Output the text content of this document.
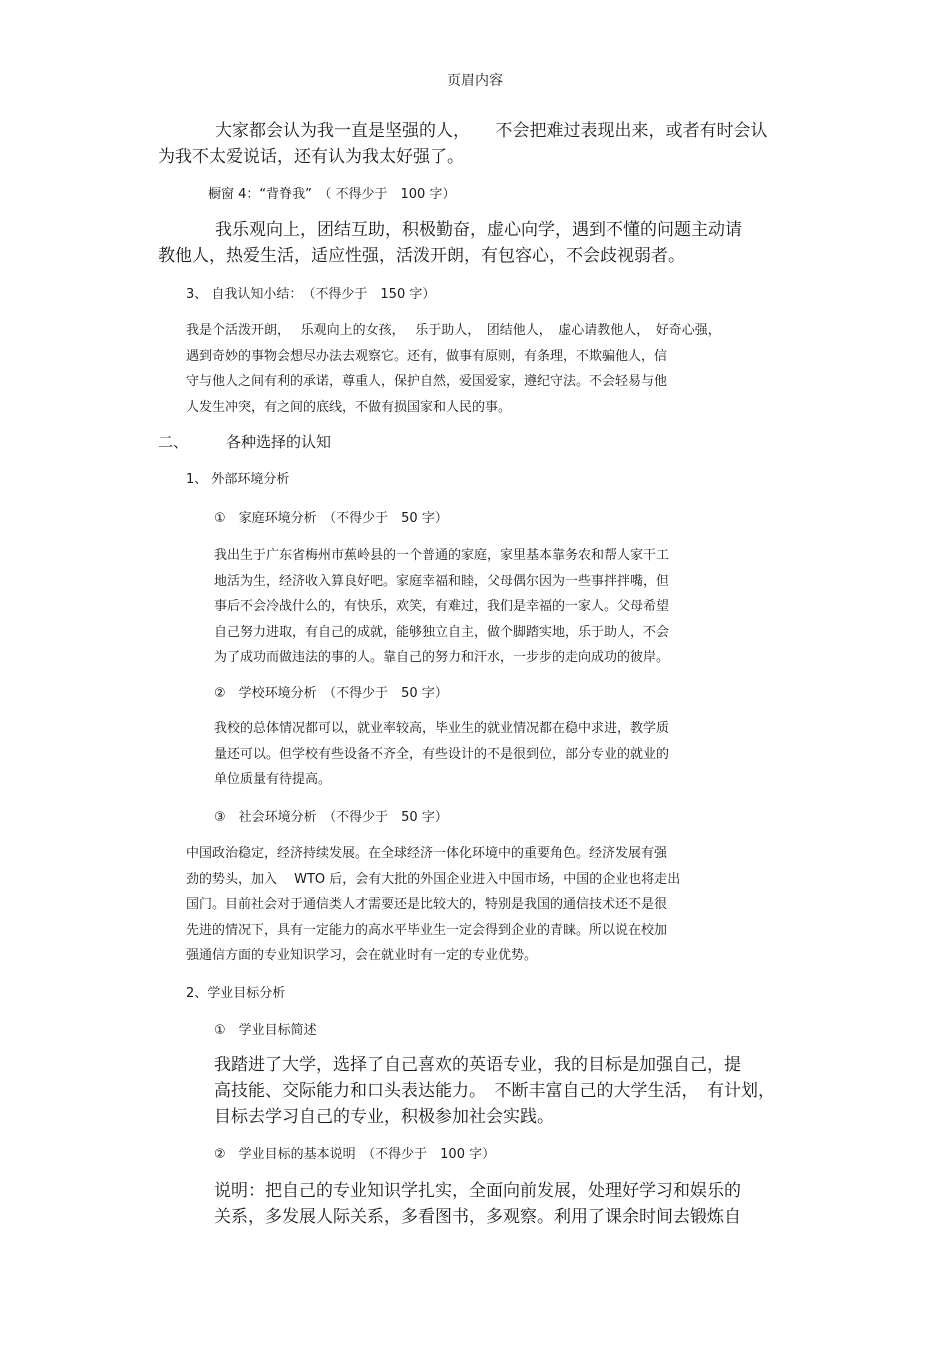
页眉内容
大家都会认为我一直是坚强的人，　　不会把难过表现出来，或者有时会认
为我不太爱说话，还有认为我太好强了。
橱窗 4：“背脊我”　（ 不得少于　100 字）
我乐观向上，团结互助，积极勤奋，虚心向学，遇到不懂的问题主动请
教他人，热爱生活，适应性强，活泼开朗，有包容心，不会歧视弱者。
3、 自我认知小结：　（不得少于　150 字）
我是个活泼开朗，　 乐观向上的女孩，　 乐于助人，　团结他人，　虚心请教他人，　好奇心强，
遇到奇妙的事物会想尽办法去观察它。还有，做事有原则，有条理，不欺骗他人，信
守与他人之间有利的承诺，尊重人，保护自然，爱国爱家，遵纪守法。不会轻易与他
人发生冲突，有之间的底线，不做有损国家和人民的事。
二、	各种选择的认知
1、 外部环境分析
①　家庭环境分析　（不得少于　50 字）
我出生于广东省梅州市蕉岭县的一个普通的家庭，家里基本靠务农和帮人家干工
地活为生，经济收入算良好吧。家庭幸福和睦，父母偶尔因为一些事拌拌嘴，但
事后不会冷战什么的，有快乐，欢笑，有难过，我们是幸福的一家人。父母希望
自己努力进取，有自己的成就，能够独立自主，做个脚踏实地，乐于助人，不会
为了成功而做违法的事的人。靠自己的努力和汗水，一步步的走向成功的彼岸。
②　学校环境分析　（不得少于　50 字）
我校的总体情况都可以，就业率较高，毕业生的就业情况都在稳中求进，教学质
量还可以。但学校有些设备不齐全，有些设计的不是很到位，部分专业的就业的
单位质量有待提高。
③　社会环境分析　（不得少于　50 字）
中国政治稳定，经济持续发展。在全球经济一体化环境中的重要角色。经济发展有强
劲的势头，加入　 WTO 后，会有大批的外国企业进入中国市场，中国的企业也将走出
国门。目前社会对于通信类人才需要还是比较大的，特别是我国的通信技术还不是很
先进的情况下，具有一定能力的高水平毕业生一定会得到企业的青睐。所以说在校加
强通信方面的专业知识学习，会在就业时有一定的专业优势。
2、学业目标分析
①　学业目标简述
我踏进了大学，选择了自己喜欢的英语专业，我的目标是加强自己，提
高技能、交际能力和口头表达能力。　不断丰富自己的大学生活，　有计划，
目标去学习自己的专业，积极参加社会实践。
②　学业目标的基本说明　（不得少于　100 字）
说明：把自己的专业知识学扎实，全面向前发展，处理好学习和娱乐的
关系，多发展人际关系，多看图书，多观察。利用了课余时间去锻炼自
